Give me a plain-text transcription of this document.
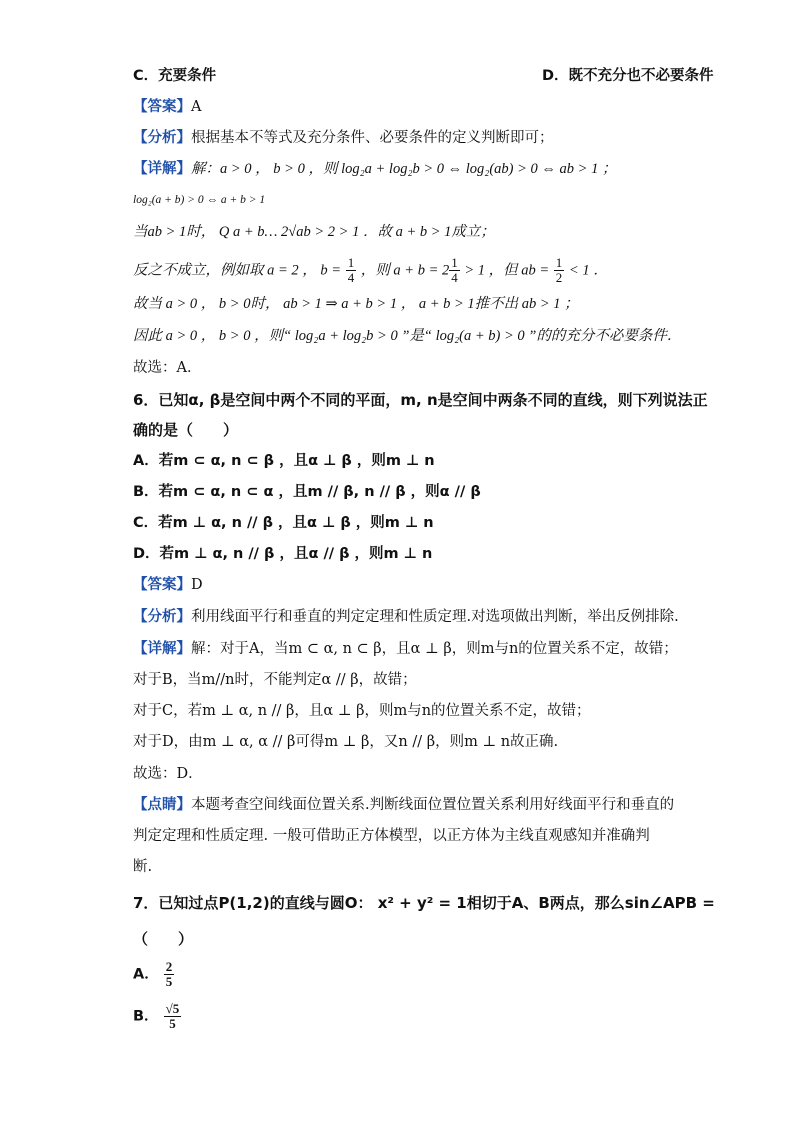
C．充要条件	D．既不充分也不必要条件
【答案】A
【分析】根据基本不等式及充分条件、必要条件的定义判断即可；
【详解】解：a > 0 ， b > 0 ，则 log₂a + log₂b > 0 ⇔ log₂(ab) > 0 ⇔ ab > 1 ；
log₂(a + b) > 0 ⇔ a + b > 1
当ab > 1时， Q a + b… 2√ab > 2 > 1 ．故 a + b > 1成立；
反之不成立，例如取 a = 2 ， $b = \frac{1}{4}$ ，则 $a + b = 2 \frac{1}{4} > 1$ ，但 ab = $\frac{1}{2} < 1$ ．
故当 a > 0 ， b > 0时， ab > 1 ⇒ a + b > 1 ， a + b > 1推不出 ab > 1 ；
因此 a > 0 ， b > 0 ，则“ log₂a + log₂b > 0 ”是“ log₂(a + b) > 0 ”的的充分不必要条件．
故选：A．
6．已知α, β是空间中两个不同的平面，m, n是空间中两条不同的直线，则下列说法正
确的是（　　）
A．若m ⊂ α, n ⊂ β ，且α ⊥ β ，则m ⊥ n
B．若m ⊂ α, n ⊂ α ，且m // β, n // β ，则α // β
C．若m ⊥ α, n // β ，且α ⊥ β ，则m ⊥ n
D．若m ⊥ α, n // β ，且α // β ，则m ⊥ n
【答案】D
【分析】利用线面平行和垂直的判定定理和性质定理.对选项做出判断，举出反例排除.
【详解】解：对于A，当m ⊂ α, n ⊂ β，且α ⊥ β，则m与n的位置关系不定，故错；
对于B，当m//n时，不能判定α // β，故错；
对于C，若m ⊥ α, n // β，且α ⊥ β，则m与n的位置关系不定，故错；
对于D，由m ⊥ α, α // β可得m ⊥ β，又n // β，则m ⊥ n故正确.
故选：D．
【点睛】本题考查空间线面位置关系.判断线面位置位置关系利用好线面平行和垂直的
判定定理和性质定理. 一般可借助正方体模型，以正方体为主线直观感知并准确判
断.
7．已知过点P(1,2)的直线与圆O： x² + y² = 1相切于A、B两点，那么sin∠APB =
（　　）
A． $\frac{2}{5}$
B． $\frac{√5}{5}$
